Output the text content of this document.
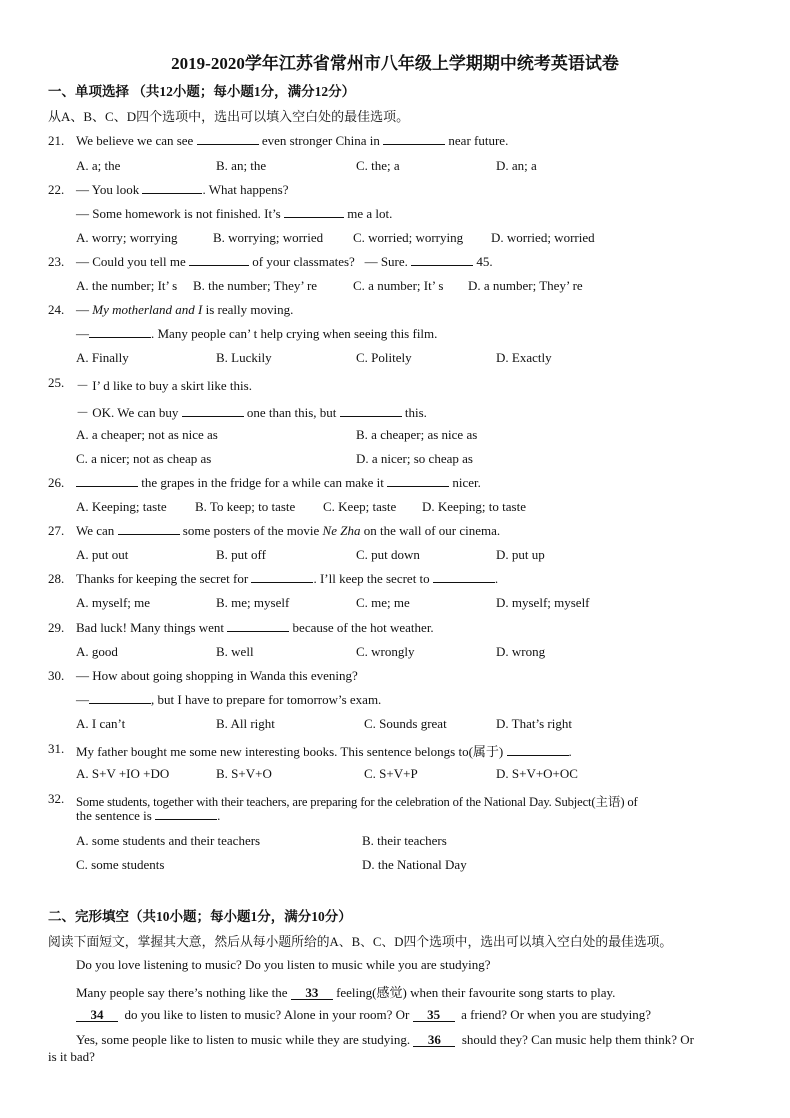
2019-2020学年江苏省常州市八年级上学期期中统考英语试卷
一、单项选择 （共12小题；每小题1分，满分12分）
从A、B、C、D四个选项中，选出可以填入空白处的最佳选项。
21. We believe we can see	even stronger China in	near future.
A. a; the	B. an; the	C. the; a	D. an; a
22. — You look	. What happens?
— Some homework is not finished. It’s	me a lot.
A. worry; worrying	B. worrying; worried C. worried; worrying D. worried; worried
23. — Could you tell me	of your classmates? — Sure.	45.
A. the number; It’ s B. the number; They’ re	C. a number; It’ s D. a number; They’ re
24. — My motherland and I is really moving.
—	. Many people can’ t help crying when seeing this film.
A. Finally	B. Luckily	C. Politely	D. Exactly
25. － I’ d like to buy a skirt like this.
－ OK. We can buy	one than this, but	this.
A. a cheaper; not as nice as	B. a cheaper; as nice as
C. a nicer; not as cheap as	D. a nicer; so cheap as
26.	the grapes in the fridge for a while can make it	nicer.
A. Keeping; taste B. To keep; to taste C. Keep; taste D. Keeping; to taste
27. We can	some posters of the movie Ne Zha on the wall of our cinema.
A. put out	B. put off	C. put down	D. put up
28. Thanks for keeping the secret for	. I’ll keep the secret to	.
A. myself; me	B. me; myself	C. me; me	D. myself; myself
29. Bad luck! Many things went	because of the hot weather.
A. good	B. well	C. wrongly	D. wrong
30. — How about going shopping in Wanda this evening?
—	, but I have to prepare for tomorrow’s exam.
A. I can’t	B. All right	C. Sounds great	D. That’s right
31. My father bought me some new interesting books. This sentence belongs to(属于)	.
A. S+V +IO +DO	B. S+V+O	C. S+V+P	D. S+V+O+OC
32. Some students, together with their teachers, are preparing for the celebration of the National Day. Subject(主语) of
the sentence is	.
A. some students and their teachers	B. their teachers
C. some students	D. the National Day
二、完形填空（共10小题；每小题1分，满分10分）
阅读下面短文，掌握其大意，然后从每小题所给的A、B、C、D四个选项中，选出可以填入空白处的最佳选项。
Do you love listening to music? Do you listen to music while you are studying?
Many people say there’s nothing like the 33 feeling(感觉) when their favourite song starts to play.
34 do you like to listen to music? Alone in your room? Or 35 a friend? Or when you are studying?
Yes, some people like to listen to music while they are studying. 36 should they? Can music help them think? Or
is it bad?
